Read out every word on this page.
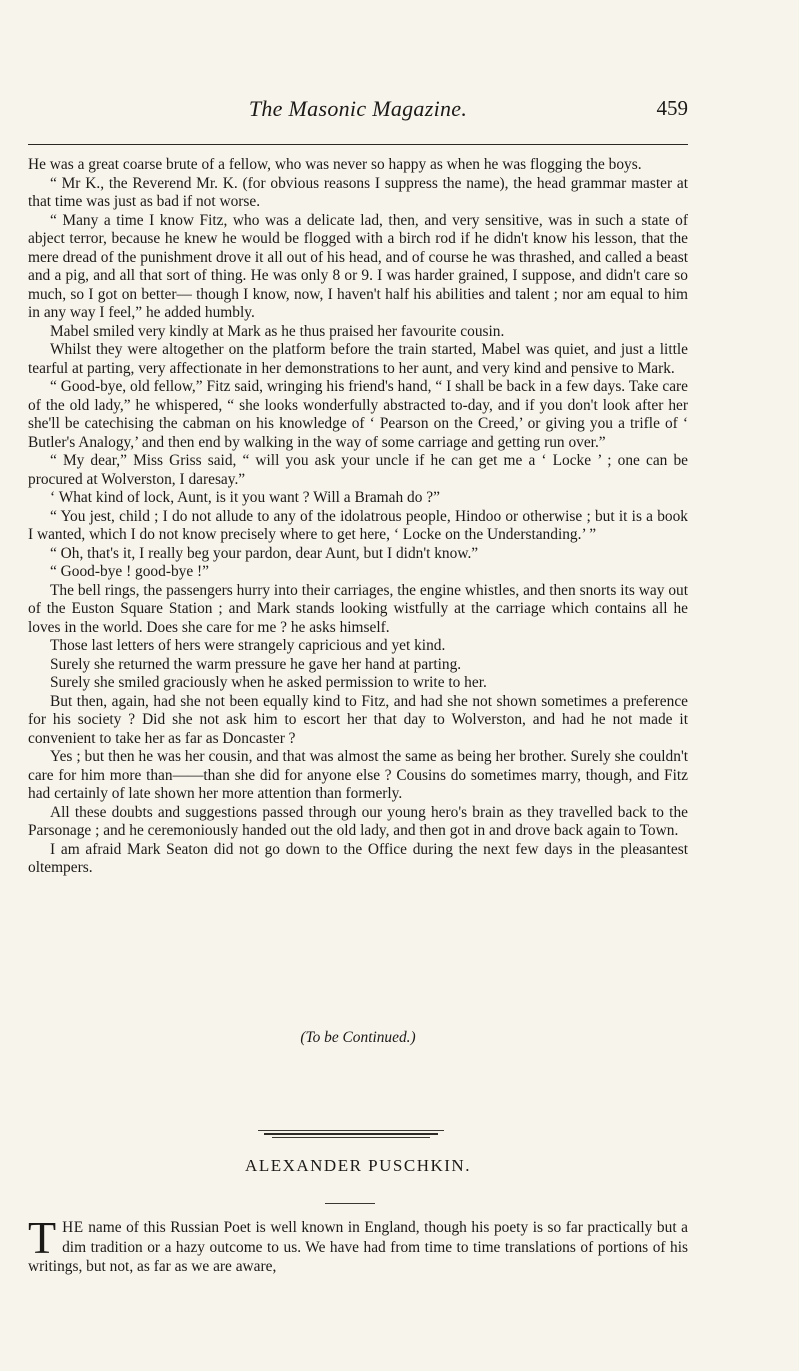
The Masonic Magazine.	459

He was a great coarse brute of a fellow, who was never so happy as when he was flogging the boys.

“ Mr K., the Reverend Mr. K. (for obvious reasons I suppress the name), the head grammar master at that time was just as bad if not worse.

“ Many a time I know Fitz, who was a delicate lad, then, and very sensitive, was in such a state of abject terror, because he knew he would be flogged with a birch rod if he didn't know his lesson, that the mere dread of the punishment drove it all out of his head, and of course he was thrashed, and called a beast and a pig, and all that sort of thing. He was only 8 or 9. I was harder grained, I suppose, and didn't care so much, so I got on better— though I know, now, I haven't half his abilities and talent ; nor am equal to him in any way I feel,” he added humbly.

Mabel smiled very kindly at Mark as he thus praised her favourite cousin.

Whilst they were altogether on the platform before the train started, Mabel was quiet, and just a little tearful at parting, very affectionate in her demonstrations to her aunt, and very kind and pensive to Mark.

“ Good-bye, old fellow,” Fitz said, wringing his friend's hand, “ I shall be back in a few days. Take care of the old lady,” he whispered, “ she looks wonderfully abstracted to-day, and if you don't look after her she'll be catechising the cabman on his knowledge of ‘ Pearson on the Creed,’ or giving you a trifle of ‘ Butler's Analogy,’ and then end by walking in the way of some carriage and getting run over.”

“ My dear,” Miss Griss said, “ will you ask your uncle if he can get me a ‘ Locke ’ ; one can be procured at Wolverston, I daresay.”

‘ What kind of lock, Aunt, is it you want ? Will a Bramah do ?”

“ You jest, child ; I do not allude to any of the idolatrous people, Hindoo or otherwise ; but it is a book I wanted, which I do not know precisely where to get here, ‘ Locke on the Understanding.’ ”

“ Oh, that's it, I really beg your pardon, dear Aunt, but I didn't know.”

“ Good-bye ! good-bye !”

The bell rings, the passengers hurry into their carriages, the engine whistles, and then snorts its way out of the Euston Square Station ; and Mark stands looking wistfully at the carriage which contains all he loves in the world. Does she care for me ? he asks himself.

Those last letters of hers were strangely capricious and yet kind.

Surely she returned the warm pressure he gave her hand at parting.

Surely she smiled graciously when he asked permission to write to her.

But then, again, had she not been equally kind to Fitz, and had she not shown sometimes a preference for his society ? Did she not ask him to escort her that day to Wolverston, and had he not made it convenient to take her as far as Doncaster ?

Yes ; but then he was her cousin, and that was almost the same as being her brother. Surely she couldn't care for him more than——than she did for anyone else ? Cousins do sometimes marry, though, and Fitz had certainly of late shown her more attention than formerly.

All these doubts and suggestions passed through our young hero's brain as they travelled back to the Parsonage ; and he ceremoniously handed out the old lady, and then got in and drove back again to Town.

I am afraid Mark Seaton did not go down to the Office during the next few days in the pleasantest oltempers.

(To be Continued.)
ALEXANDER PUSCHKIN.
THE name of this Russian Poet is well known in England, though his poety is so far practically but a dim tradition or a hazy outcome to us. We have had from time to time translations of portions of his writings, but not, as far as we are aware,
